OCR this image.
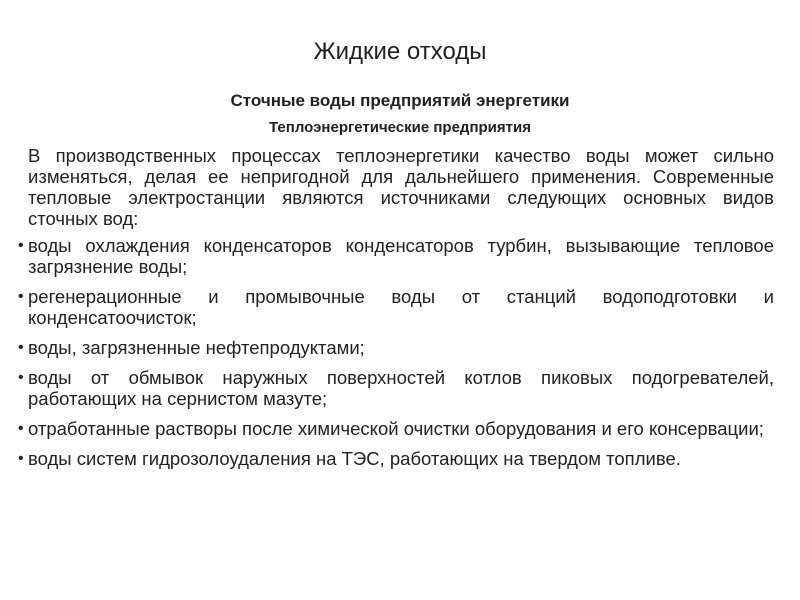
Жидкие отходы
Сточные воды предприятий энергетики
Теплоэнергетические предприятия

В производственных процессах теплоэнергетики качество воды может сильно изменяться, делая ее непригодной для дальнейшего применения. Современные тепловые электростанции являются источниками следующих основных видов сточных вод:

• воды охлаждения конденсаторов конденсаторов турбин, вызывающие тепловое загрязнение воды;
• регенерационные и промывочные воды от станций водоподготовки и конденсатоочисток;
• воды, загрязненные нефтепродуктами;
• воды от обмывок наружных поверхностей котлов пиковых подогревателей, работающих на сернистом мазуте;
• отработанные растворы после химической очистки оборудования и его консервации;
• воды систем гидрозолоудаления на ТЭС, работающих на твердом топливе.
